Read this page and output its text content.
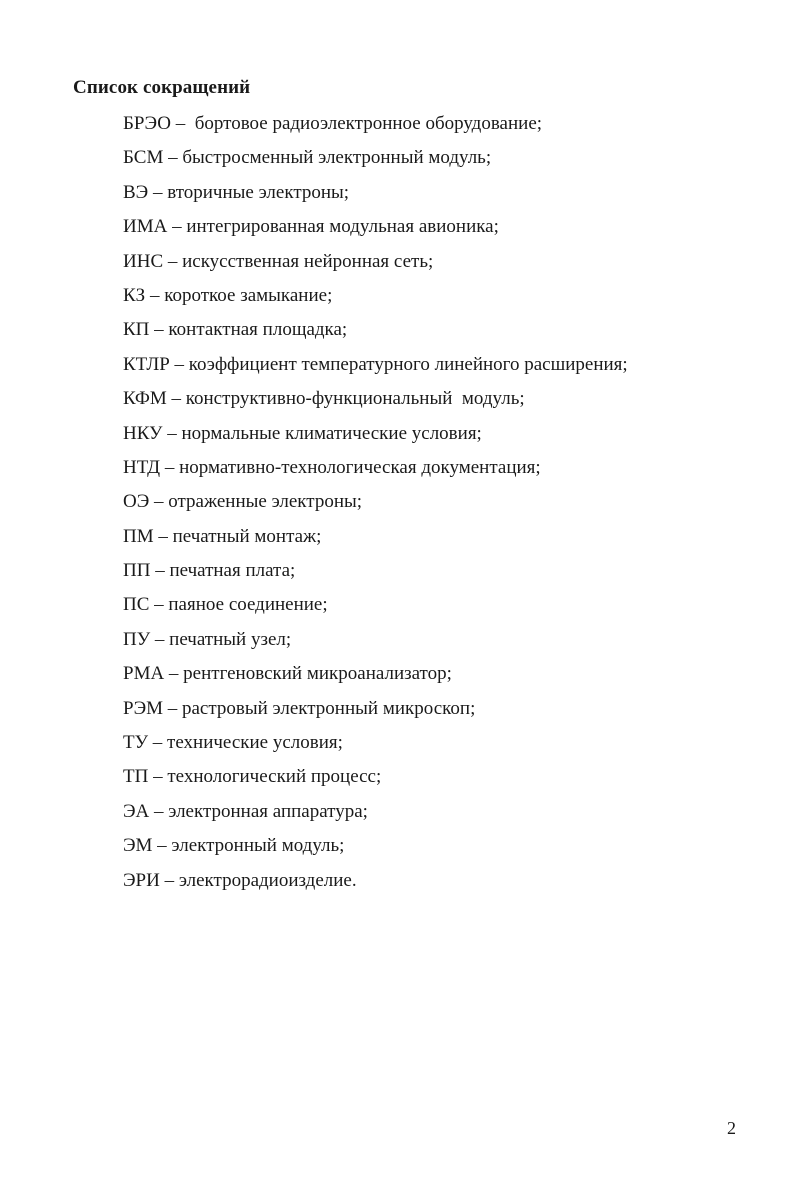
Список сокращений
БРЭО –  бортовое радиоэлектронное оборудование;
БСМ – быстросменный электронный модуль;
ВЭ – вторичные электроны;
ИМА – интегрированная модульная авионика;
ИНС – искусственная нейронная сеть;
КЗ – короткое замыкание;
КП – контактная площадка;
КТЛР – коэффициент температурного линейного расширения;
КФМ – конструктивно-функциональный  модуль;
НКУ – нормальные климатические условия;
НТД – нормативно-технологическая документация;
ОЭ – отраженные электроны;
ПМ – печатный монтаж;
ПП – печатная плата;
ПС – паяное соединение;
ПУ – печатный узел;
РМА – рентгеновский микроанализатор;
РЭМ – растровый электронный микроскоп;
ТУ – технические условия;
ТП – технологический процесс;
ЭА – электронная аппаратура;
ЭМ – электронный модуль;
ЭРИ – электрорадиоизделие.
2
